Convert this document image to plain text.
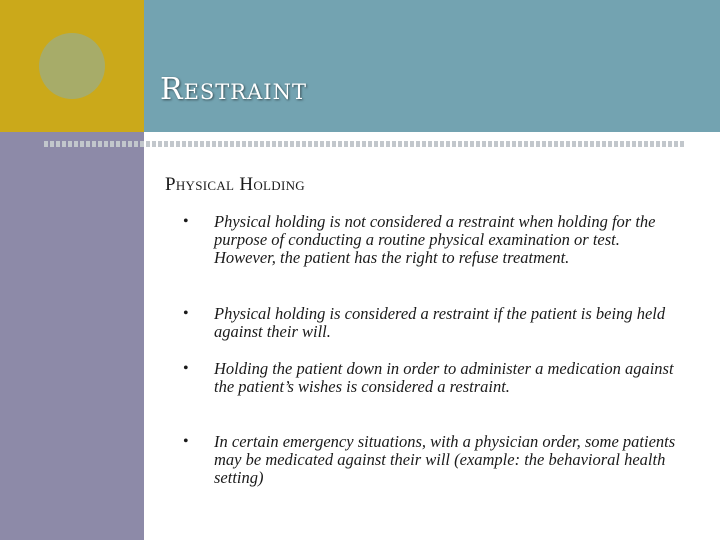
Restraint
Physical Holding
• Physical holding is not considered a restraint when holding for the purpose of conducting a routine physical examination or test. However, the patient has the right to refuse treatment.
• Physical holding is considered a restraint if the patient is being held against their will.
• Holding the patient down in order to administer a medication against the patient’s wishes is considered a restraint.
• In certain emergency situations, with a physician order, some patients may be medicated against their will (example: the behavioral health setting)
